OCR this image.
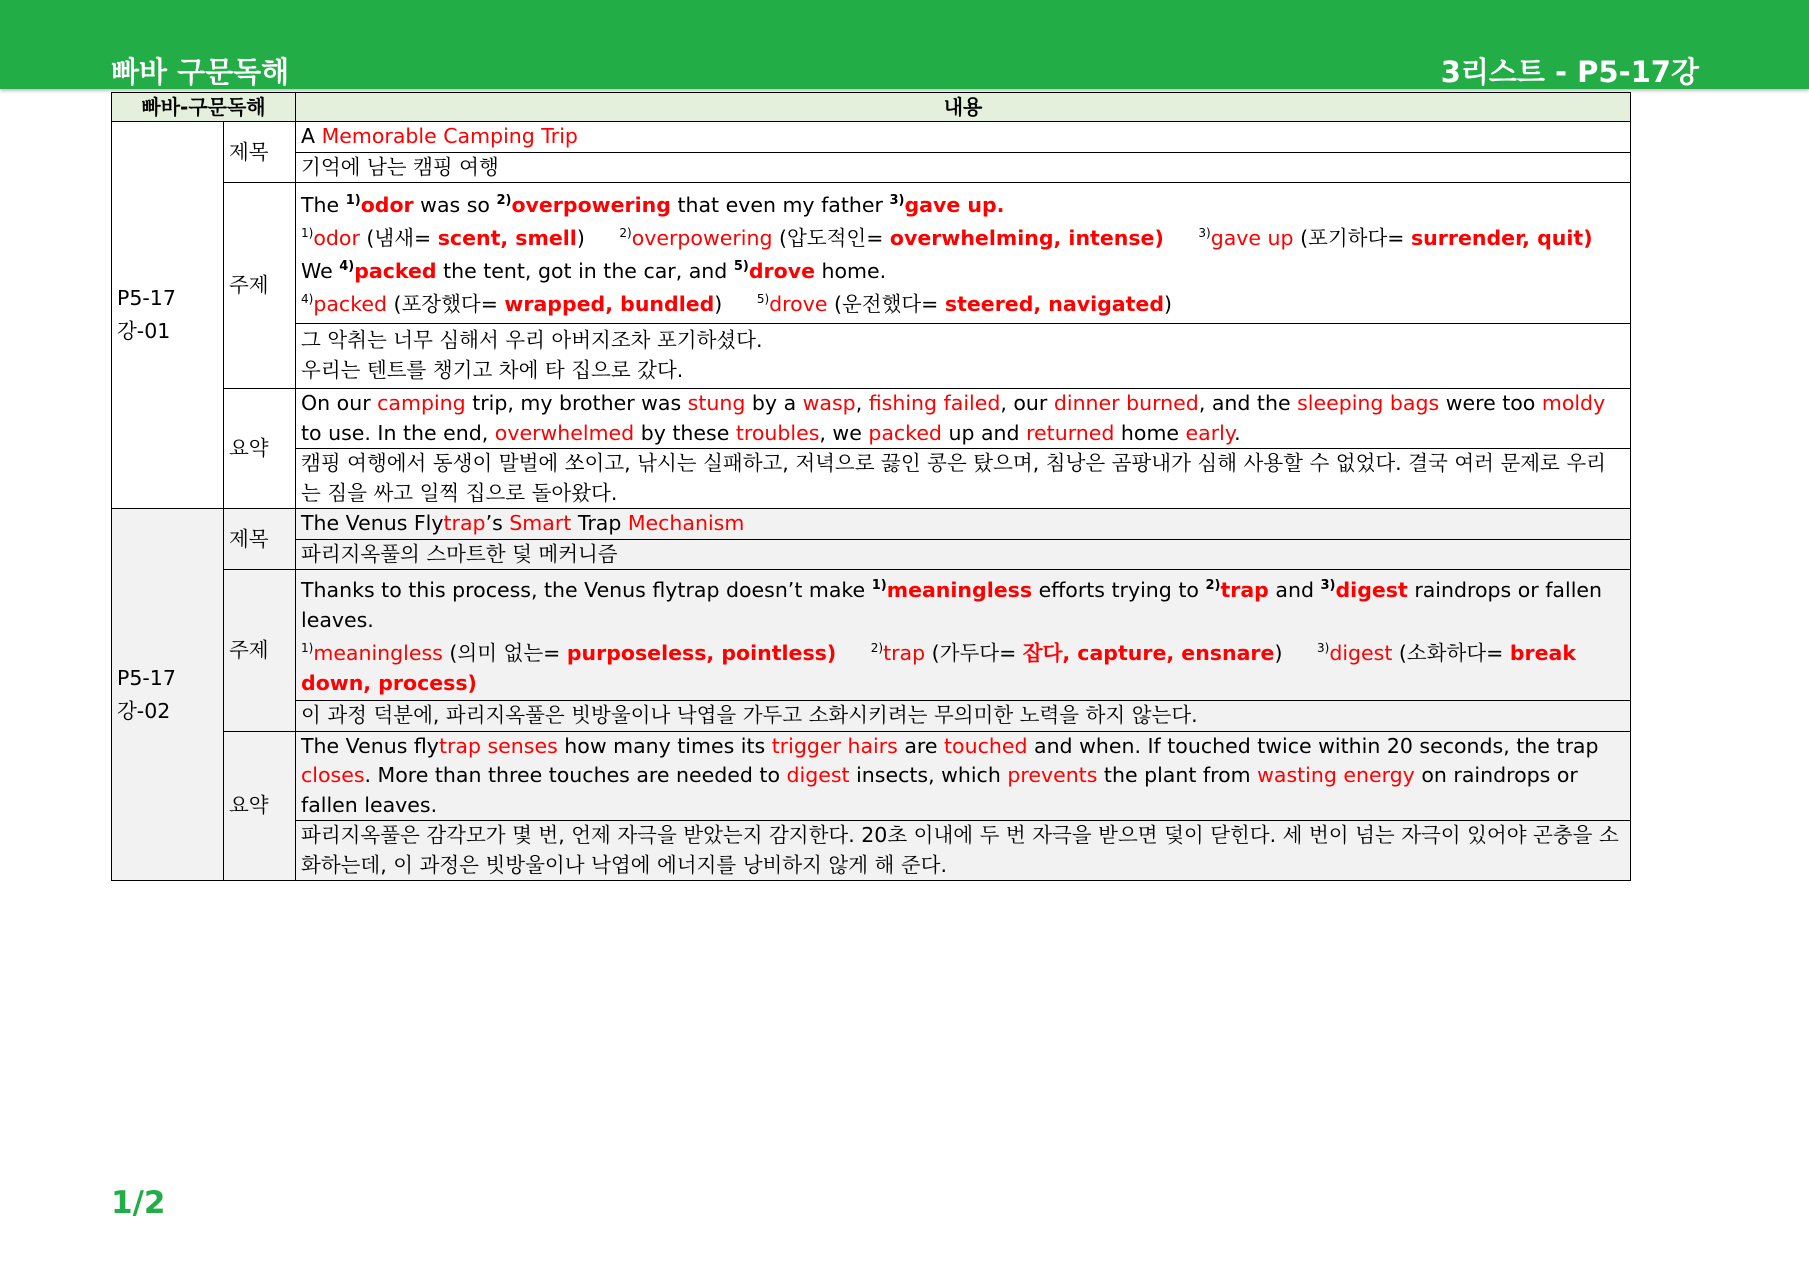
빠바 구문독해	3리스트 - P5-17강
빠바-구문독해		내용
P5-17강-01	제목	A Memorable Camping Trip
		기억에 남는 캠핑 여행
	주제	The $^{1)}$odor was so $^{2)}$overpowering that even my father $^{3)}$gave up.
$^{1)}$odor (냄새= scent, smell) $^{2)}$overpowering (압도적인= overwhelming, intense) $^{3)}$gave up (포기하다= surrender, quit)
We $^{4)}$packed the tent, got in the car, and $^{5)}$drove home.
$^{4)}$packed (포장했다= wrapped, bundled) $^{5)}$drove (운전했다= steered, navigated)

		그 악취는 너무 심해서 우리 아버지조차 포기하셨다.
우리는 텐트를 챙기고 차에 타 집으로 갔다.

	요약	On our camping trip, my brother was stung by a wasp, fishing failed, our dinner burned, and the sleeping bags were too moldy to use. In the end, overwhelmed by these troubles, we packed up and returned home early.
		캠핑 여행에서 동생이 말벌에 쏘이고, 낚시는 실패하고, 저녁으로 끓인 콩은 탔으며, 침낭은 곰팡내가 심해 사용할 수 없었다. 결국 여러 문제로 우리는 짐을 싸고 일찍 집으로 돌아왔다.
P5-17강-02	제목	The Venus Flytrap’s Smart Trap Mechanism
		파리지옥풀의 스마트한 덫 메커니즘
	주제	Thanks to this process, the Venus flytrap doesn’t make $^{1)}$meaningless efforts trying to $^{2)}$trap and $^{3)}$digest raindrops or fallen leaves.
$^{1)}$meaningless (의미 없는= purposeless, pointless) $^{2)}$trap (가두다= 잡다, capture, ensnare) $^{3)}$digest (소화하다= break down, process)

		이 과정 덕분에, 파리지옥풀은 빗방울이나 낙엽을 가두고 소화시키려는 무의미한 노력을 하지 않는다.
	요약	The Venus flytrap senses how many times its trigger hairs are touched and when. If touched twice within 20 seconds, the trap closes. More than three touches are needed to digest insects, which prevents the plant from wasting energy on raindrops or fallen leaves.
		파리지옥풀은 감각모가 몇 번, 언제 자극을 받았는지 감지한다. 20초 이내에 두 번 자극을 받으면 덫이 닫힌다. 세 번이 넘는 자극이 있어야 곤충을 소화하는데, 이 과정은 빗방울이나 낙엽에 에너지를 낭비하지 않게 해 준다.
1/2
